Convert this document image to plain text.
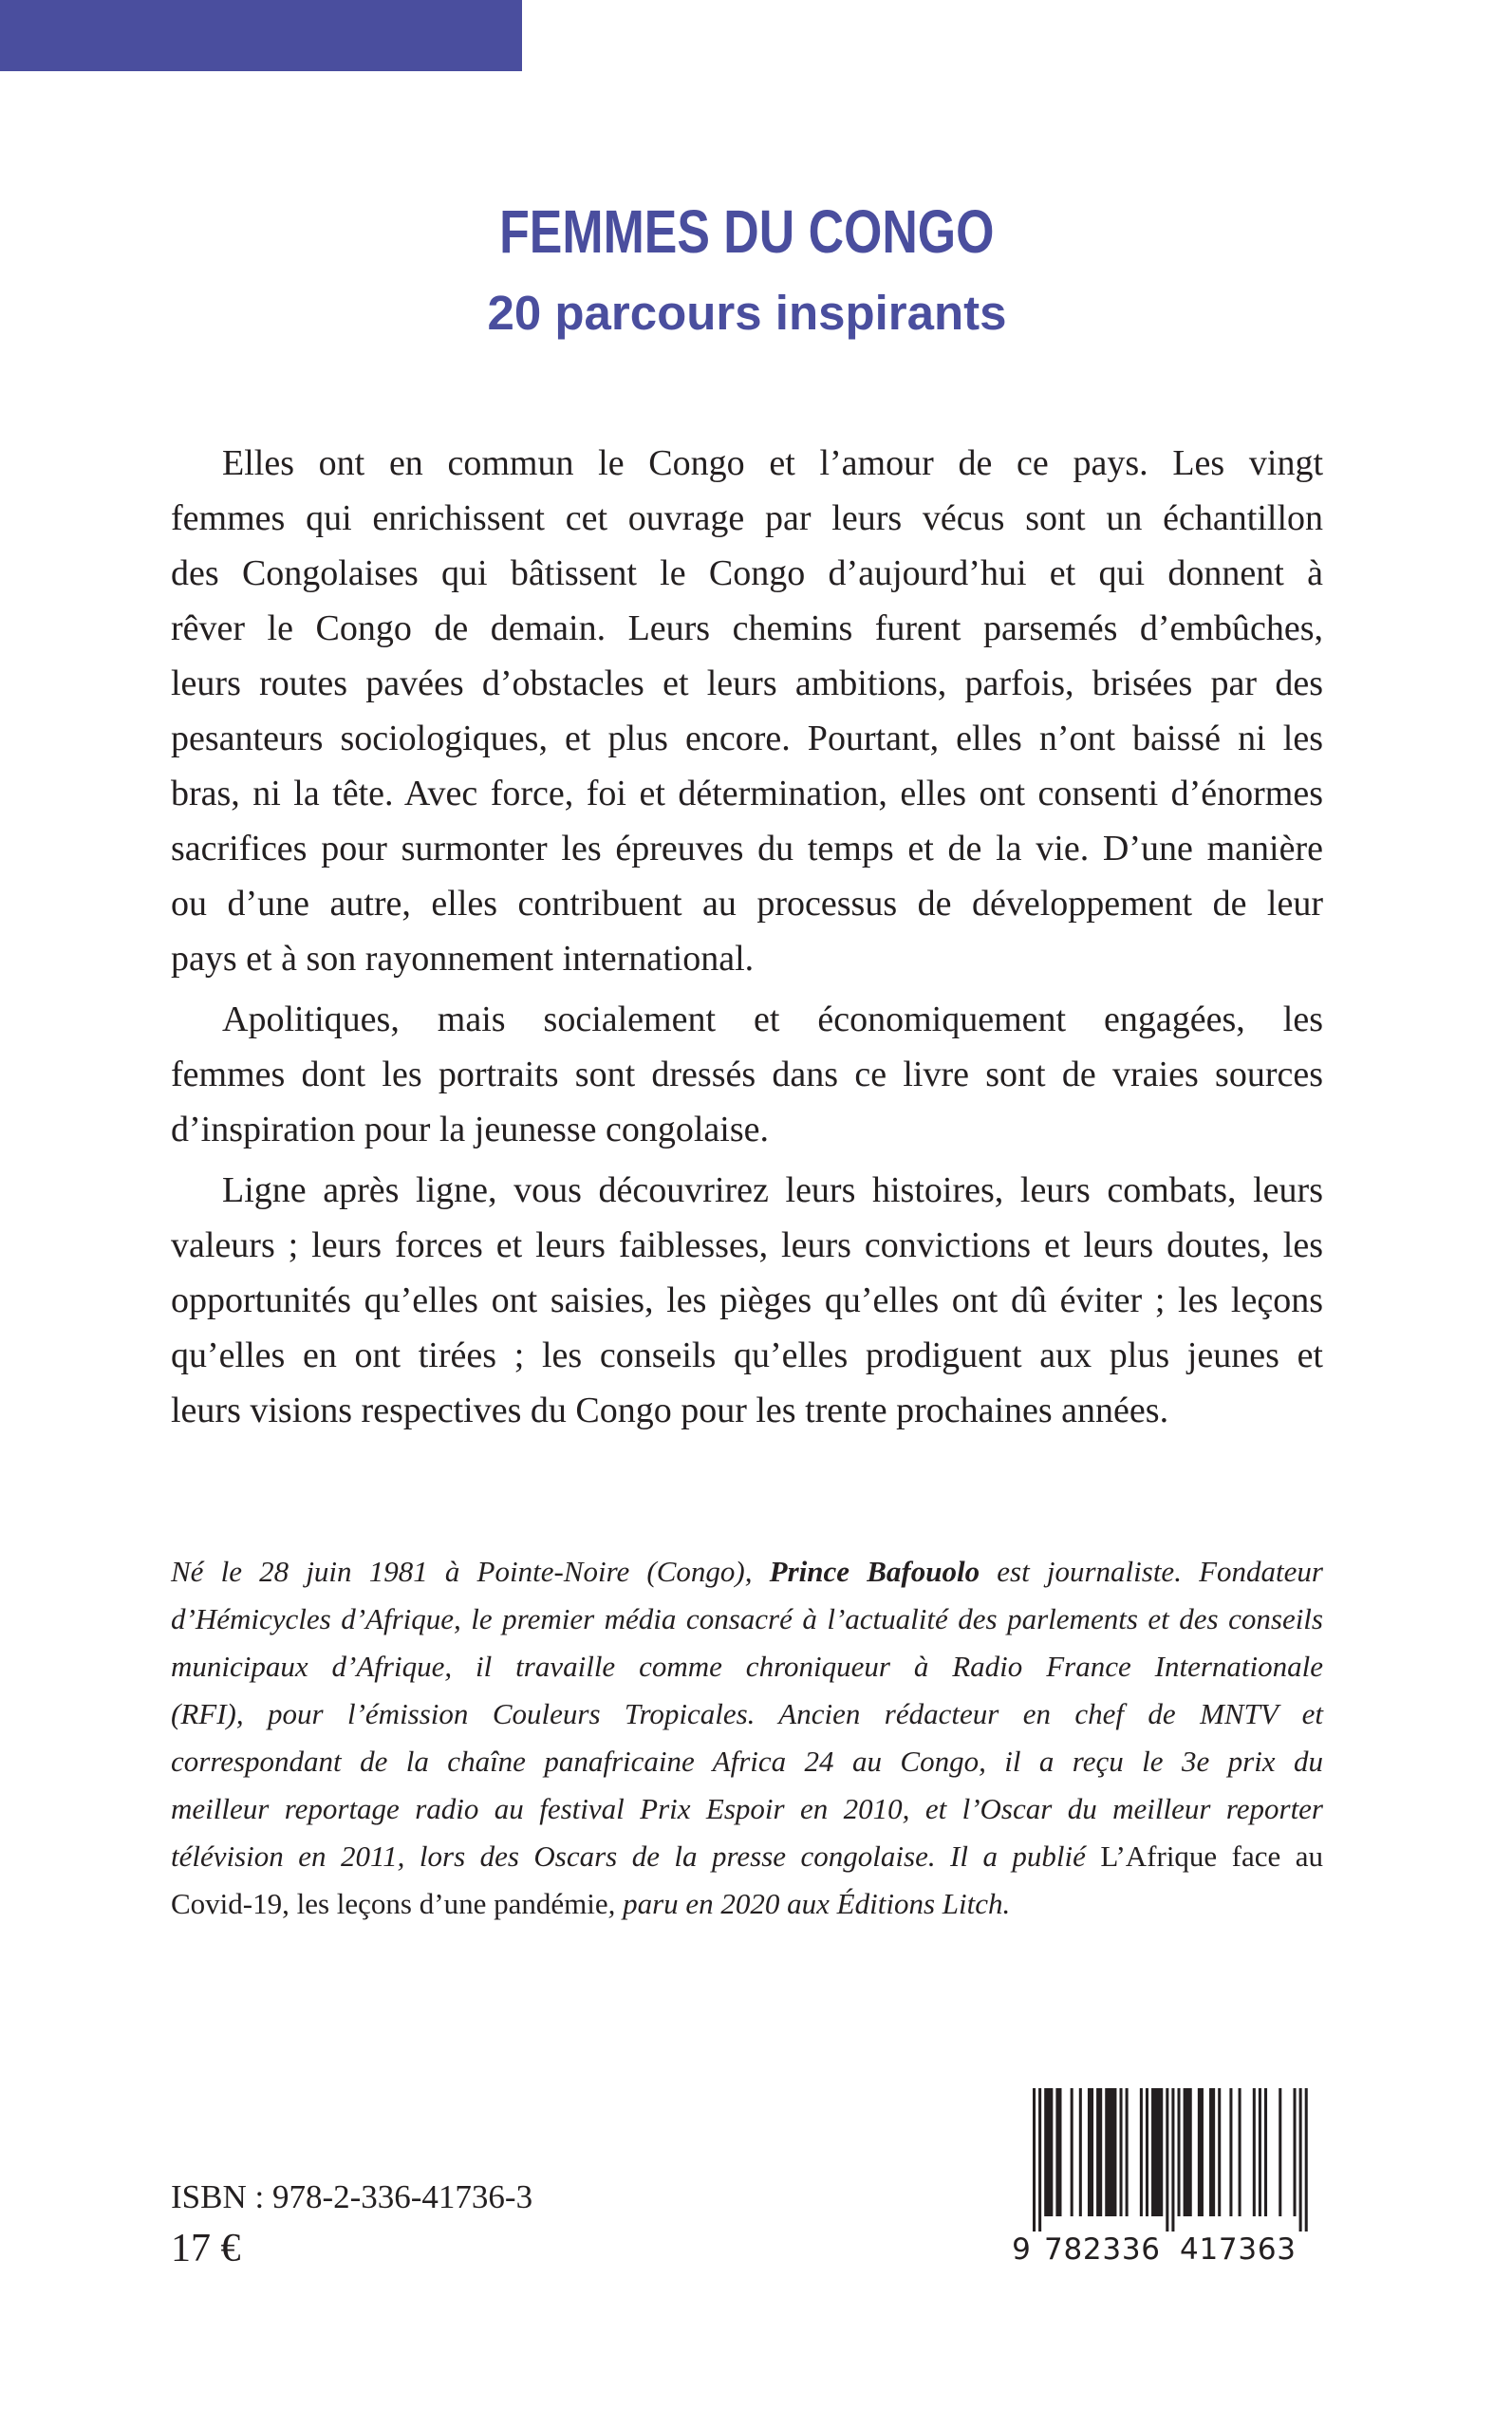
FEMMES DU CONGO
20 parcours inspirants
Elles ont en commun le Congo et l’amour de ce pays. Les vingt
femmes qui enrichissent cet ouvrage par leurs vécus sont un échantillon
des Congolaises qui bâtissent le Congo d’aujourd’hui et qui donnent à
rêver le Congo de demain. Leurs chemins furent parsemés d’embûches,
leurs routes pavées d’obstacles et leurs ambitions, parfois, brisées par des
pesanteurs sociologiques, et plus encore. Pourtant, elles n’ont baissé ni les
bras, ni la tête. Avec force, foi et détermination, elles ont consenti d’énormes
sacrifices pour surmonter les épreuves du temps et de la vie. D’une manière
ou d’une autre, elles contribuent au processus de développement de leur
pays et à son rayonnement international.
Apolitiques, mais socialement et économiquement engagées, les
femmes dont les portraits sont dressés dans ce livre sont de vraies sources
d’inspiration pour la jeunesse congolaise.
Ligne après ligne, vous découvrirez leurs histoires, leurs combats, leurs
valeurs ; leurs forces et leurs faiblesses, leurs convictions et leurs doutes, les
opportunités qu’elles ont saisies, les pièges qu’elles ont dû éviter ; les leçons
qu’elles en ont tirées ; les conseils qu’elles prodiguent aux plus jeunes et
leurs visions respectives du Congo pour les trente prochaines années.
Né le 28 juin 1981 à Pointe-Noire (Congo), Prince Bafouolo est journaliste. Fondateur
d’Hémicycles d’Afrique, le premier média consacré à l’actualité des parlements et des conseils
municipaux d’Afrique, il travaille comme chroniqueur à Radio France Internationale
(RFI), pour l’émission Couleurs Tropicales. Ancien rédacteur en chef de MNTV et
correspondant de la chaîne panafricaine Africa 24 au Congo, il a reçu le 3e prix du
meilleur reportage radio au festival Prix Espoir en 2010, et l’Oscar du meilleur reporter
télévision en 2011, lors des Oscars de la presse congolaise. Il a publié L’Afrique face au
Covid-19, les leçons d’une pandémie, paru en 2020 aux Éditions Litch.
ISBN : 978-2-336-41736-3
17 €	9 782336 417363
